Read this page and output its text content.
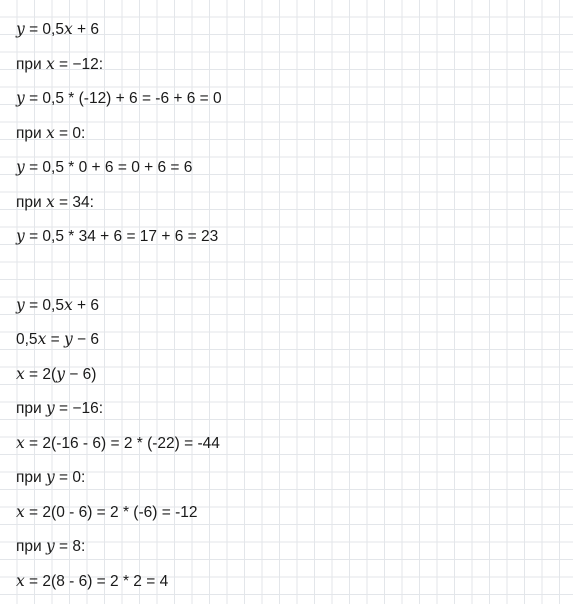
y = 0,5x + 6
при x = −12:
y = 0,5 * (-12) + 6 = -6 + 6 = 0
при x = 0:
y = 0,5 * 0 + 6 = 0 + 6 = 6
при x = 34:
y = 0,5 * 34 + 6 = 17 + 6 = 23
y = 0,5x + 6
0,5x = y − 6
x = 2(y − 6)
при y = −16:
x = 2(-16 - 6) = 2 * (-22) = -44
при y = 0:
x = 2(0 - 6) = 2 * (-6) = -12
при y = 8:
x = 2(8 - 6) = 2 * 2 = 4
